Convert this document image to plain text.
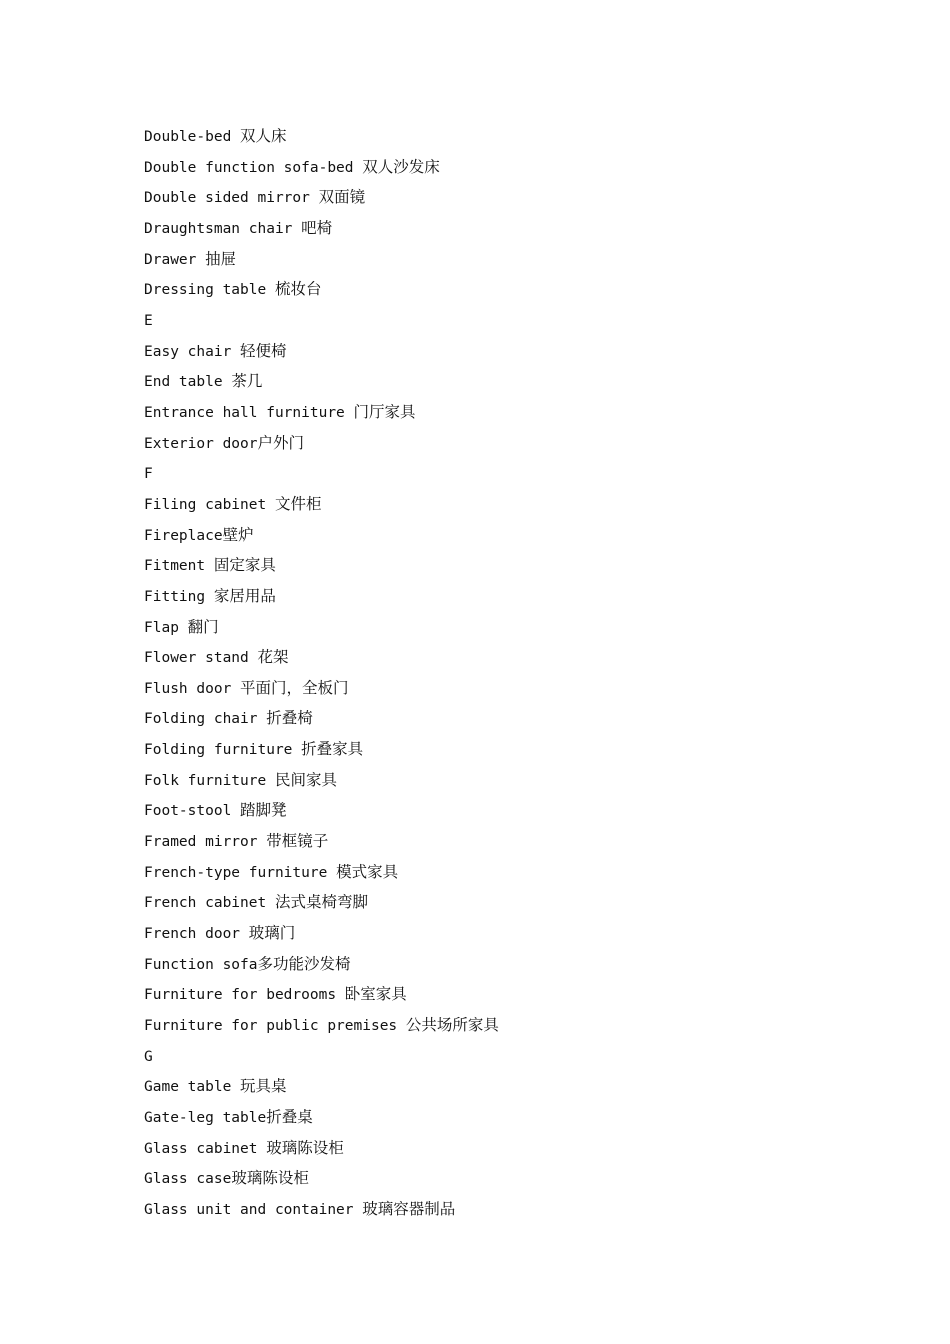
Double-bed 双人床
Double function sofa-bed 双人沙发床
Double sided mirror 双面镜
Draughtsman chair 吧椅
Drawer 抽屉
Dressing table 梳妆台
E
Easy chair 轻便椅
End table 茶几
Entrance hall furniture 门厅家具
Exterior door户外门
F
Filing cabinet 文件柜
Fireplace壁炉
Fitment 固定家具
Fitting 家居用品
Flap 翻门
Flower stand 花架
Flush door 平面门，全板门
Folding chair 折叠椅
Folding furniture 折叠家具
Folk furniture 民间家具
Foot-stool 踏脚凳
Framed mirror 带框镜子
French-type furniture 模式家具
French cabinet 法式桌椅弯脚
French door 玻璃门
Function sofa多功能沙发椅
Furniture for bedrooms 卧室家具
Furniture for public premises 公共场所家具
G
Game table 玩具桌
Gate-leg table折叠桌
Glass cabinet 玻璃陈设柜
Glass case玻璃陈设柜
Glass unit and container 玻璃容器制品
